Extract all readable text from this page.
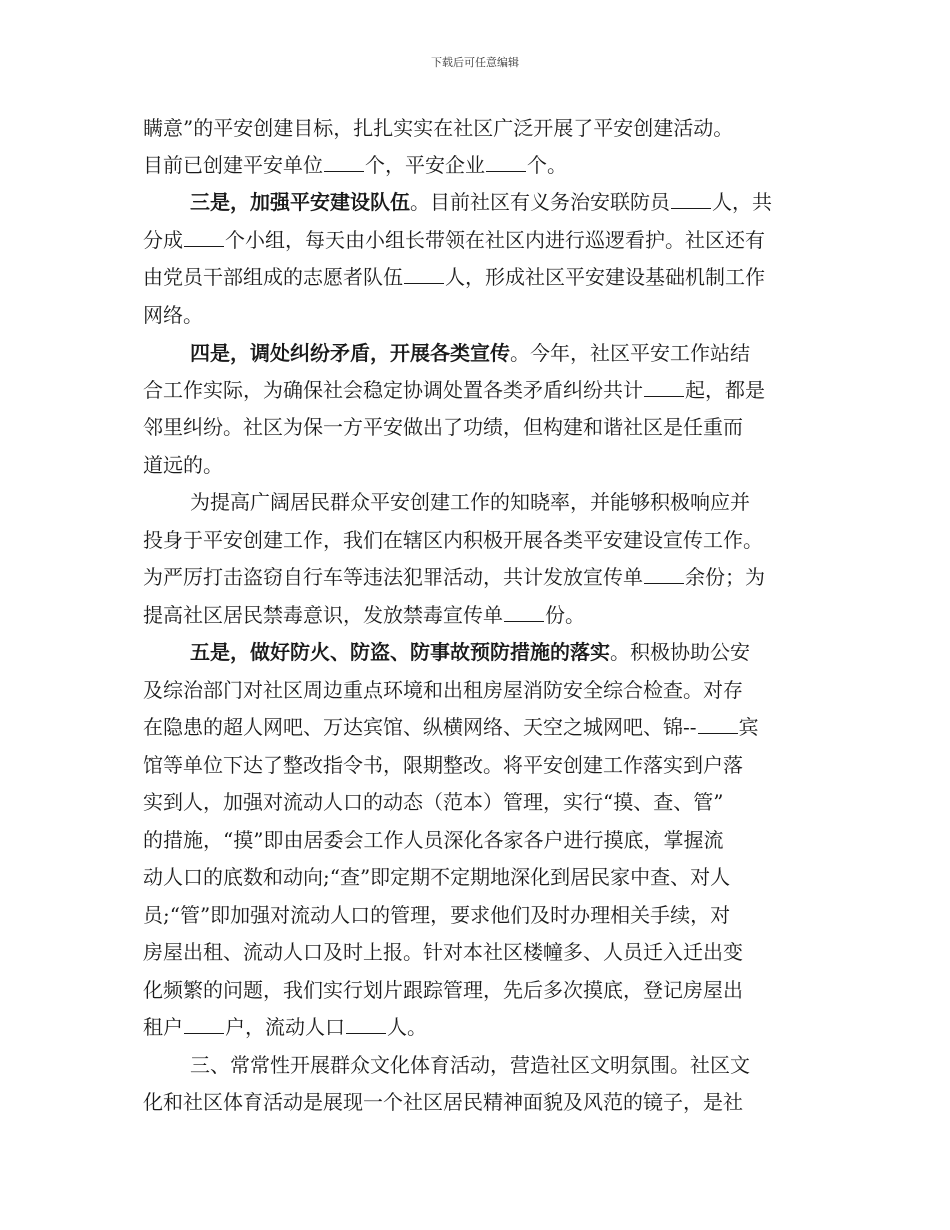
下载后可任意编辑
瞒意”的平安创建目标，扎扎实实在社区广泛开展了平安创建活动。
目前已创建平安单位 个，平安企业 个。
三是，加强平安建设队伍。目前社区有义务治安联防员 人，共
分成 个小组，每天由小组长带领在社区内进行巡逻看护。社区还有
由党员干部组成的志愿者队伍 人，形成社区平安建设基础机制工作
网络。
四是，调处纠纷矛盾，开展各类宣传。今年，社区平安工作站结
合工作实际，为确保社会稳定协调处置各类矛盾纠纷共计 起，都是
邻里纠纷。社区为保一方平安做出了功绩，但构建和谐社区是任重而
道远的。
为提高广阔居民群众平安创建工作的知晓率，并能够积极响应并
投身于平安创建工作，我们在辖区内积极开展各类平安建设宣传工作。
为严厉打击盗窃自行车等违法犯罪活动，共计发放宣传单 余份；为
提高社区居民禁毒意识，发放禁毒宣传单 份。
五是，做好防火、防盗、防事故预防措施的落实。积极协助公安
及综治部门对社区周边重点环境和出租房屋消防安全综合检查。对存
在隐患的超人网吧、万达宾馆、纵横网络、天空之城网吧、锦-- 宾
馆等单位下达了整改指令书，限期整改。将平安创建工作落实到户落
实到人，加强对流动人口的动态（范本）管理，实行“摸、查、管”
的措施，“摸”即由居委会工作人员深化各家各户进行摸底，掌握流
动人口的底数和动向;“查”即定期不定期地深化到居民家中查、对人
员;“管”即加强对流动人口的管理，要求他们及时办理相关手续，对
房屋出租、流动人口及时上报。针对本社区楼幢多、人员迁入迁出变
化频繁的问题，我们实行划片跟踪管理，先后多次摸底，登记房屋出
租户 户，流动人口 人。
三、常常性开展群众文化体育活动，营造社区文明氛围。社区文
化和社区体育活动是展现一个社区居民精神面貌及风范的镜子，是社
